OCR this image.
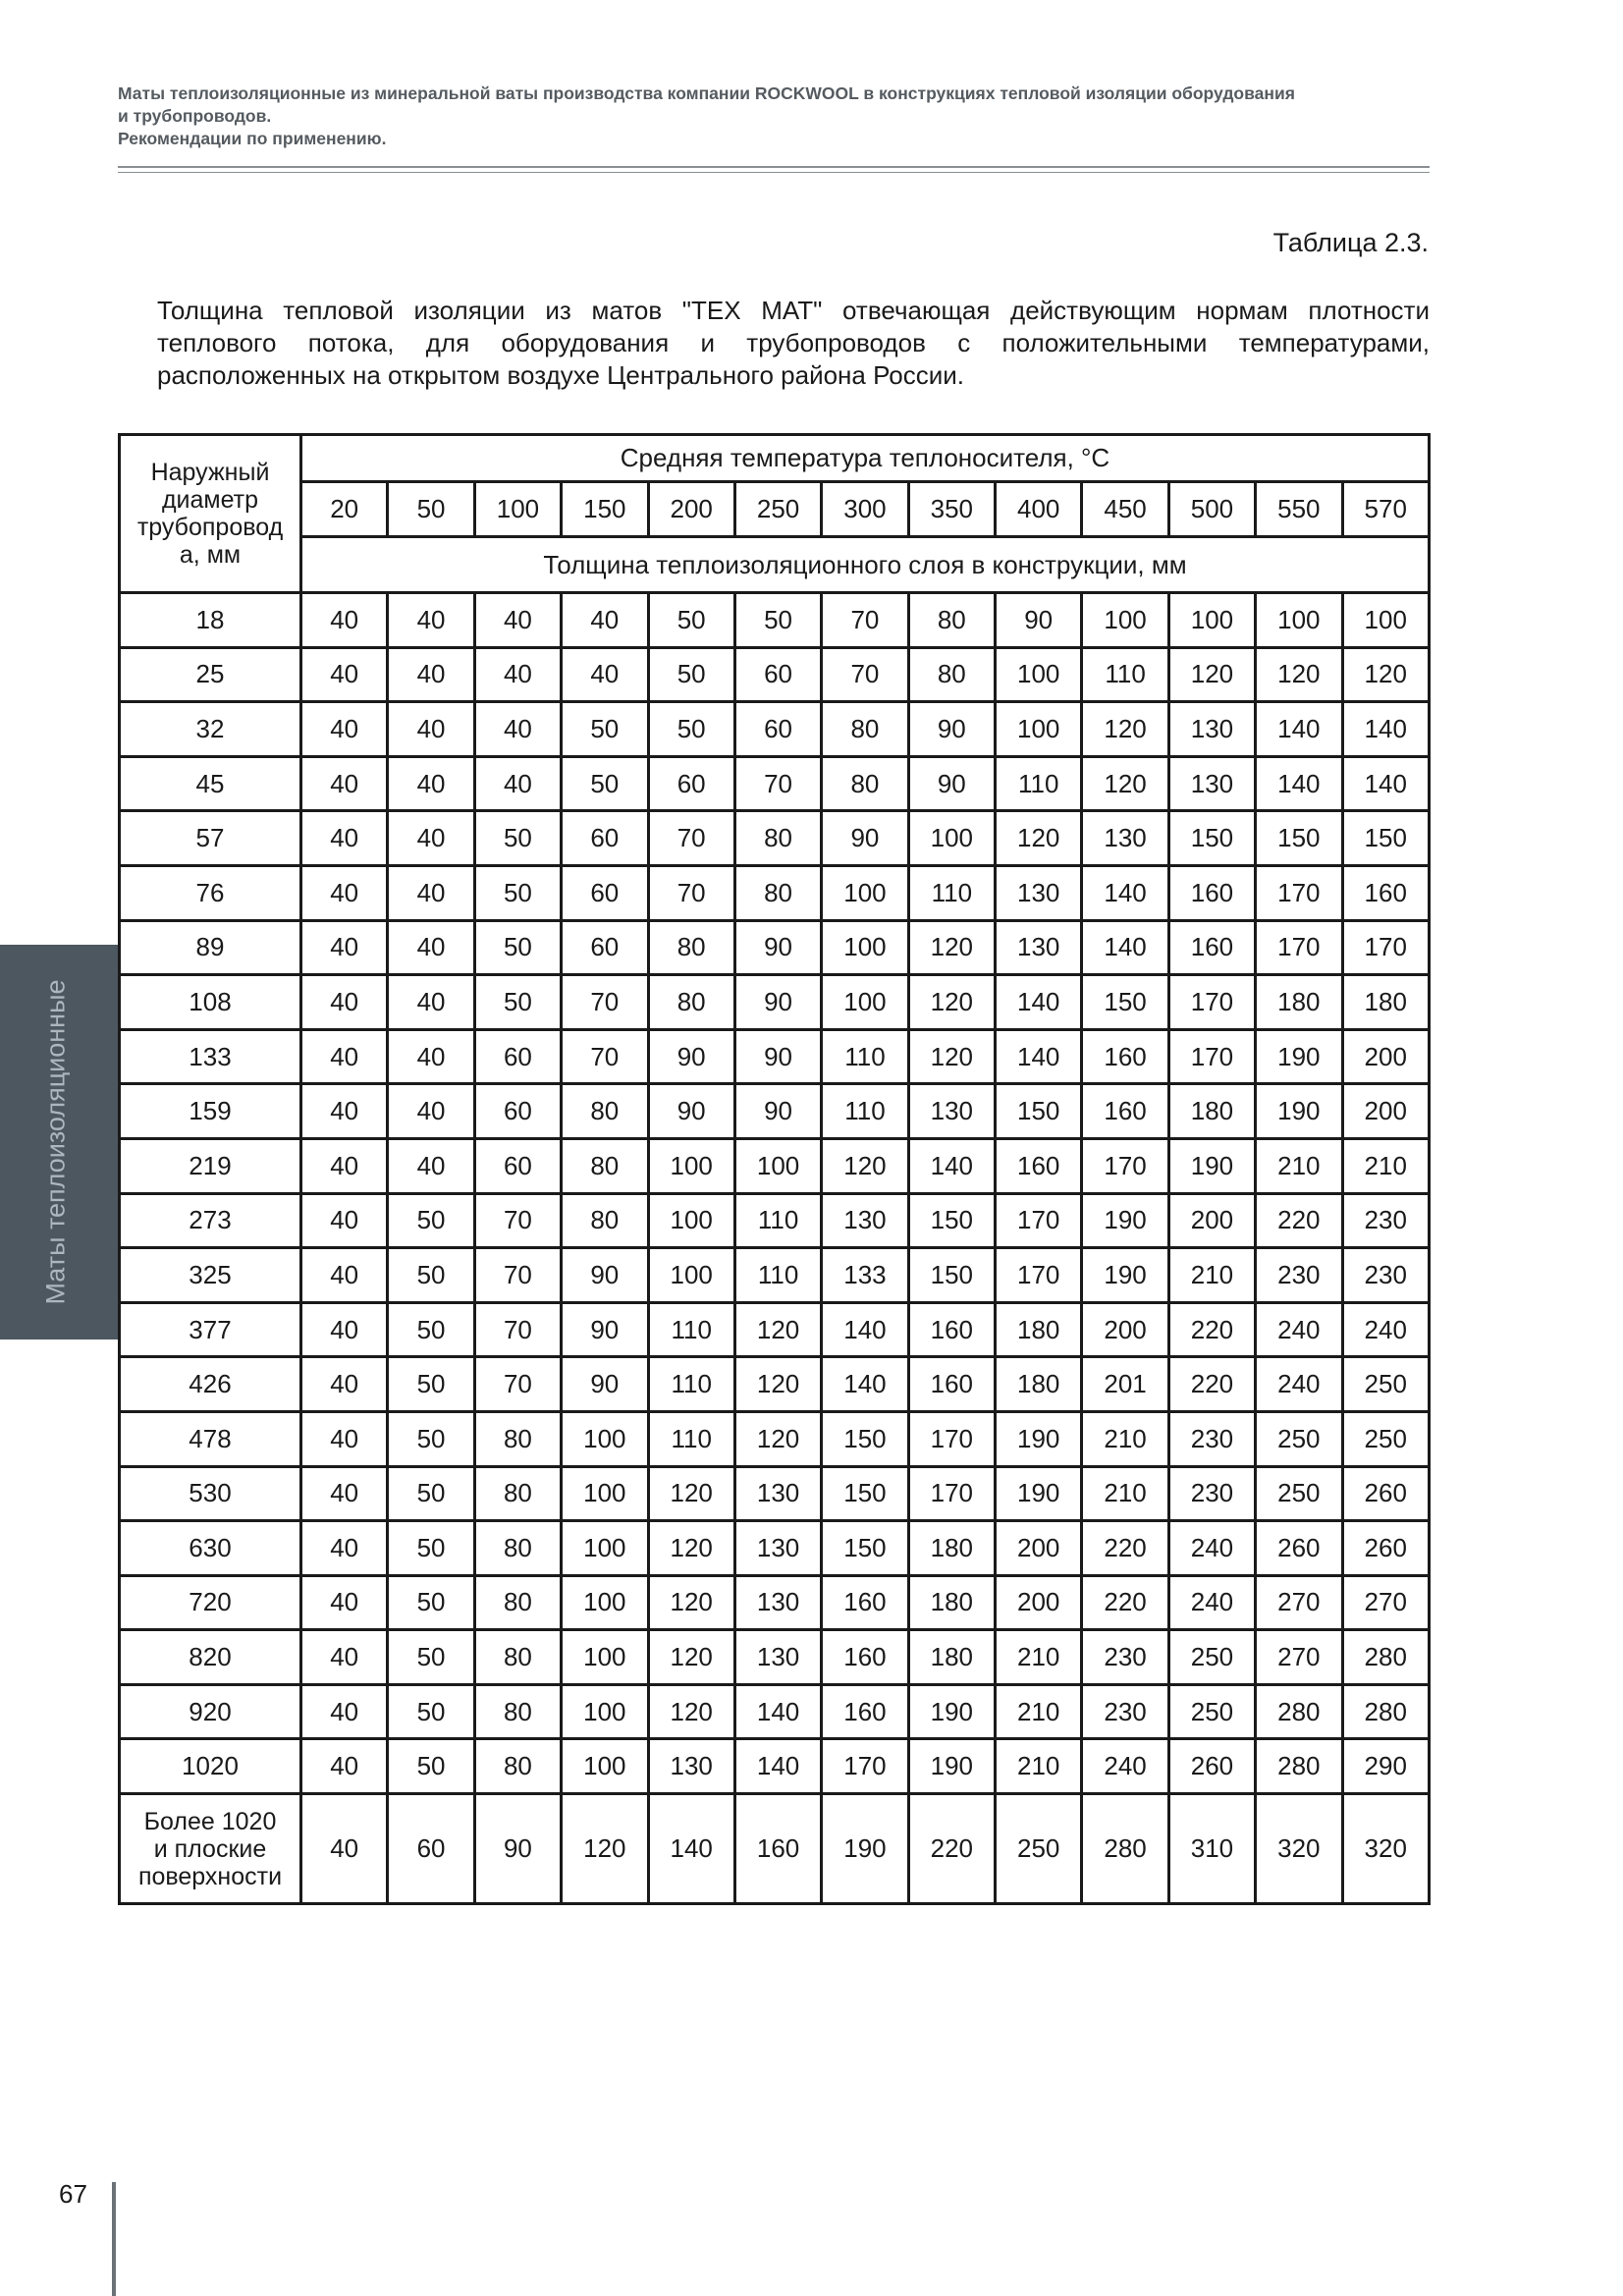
Маты теплоизоляционные из минеральной ваты производства компании ROCKWOOL в конструкциях тепловой изоляции оборудования
и трубопроводов.
Рекомендации по применению.
Таблица 2.3.
Толщина тепловой изоляции из матов "TEX MAT" отвечающая действующим нормам плотности
теплового потока, для оборудования и трубопроводов с положительными температурами,
расположенных на открытом воздухе Центрального района России.
Наружный
диаметр
трубопровод
а, мм	Средняя температура теплоносителя, °С												
	20	50	100	150	200	250	300	350	400	450	500	550	570
	Толщина теплоизоляционного слоя в конструкции, мм												
18	40	40	40	40	50	50	70	80	90	100	100	100	100
25	40	40	40	40	50	60	70	80	100	110	120	120	120
32	40	40	40	50	50	60	80	90	100	120	130	140	140
45	40	40	40	50	60	70	80	90	110	120	130	140	140
57	40	40	50	60	70	80	90	100	120	130	150	150	150
76	40	40	50	60	70	80	100	110	130	140	160	170	160
89	40	40	50	60	80	90	100	120	130	140	160	170	170
108	40	40	50	70	80	90	100	120	140	150	170	180	180
133	40	40	60	70	90	90	110	120	140	160	170	190	200
159	40	40	60	80	90	90	110	130	150	160	180	190	200
219	40	40	60	80	100	100	120	140	160	170	190	210	210
273	40	50	70	80	100	110	130	150	170	190	200	220	230
325	40	50	70	90	100	110	133	150	170	190	210	230	230
377	40	50	70	90	110	120	140	160	180	200	220	240	240
426	40	50	70	90	110	120	140	160	180	201	220	240	250
478	40	50	80	100	110	120	150	170	190	210	230	250	250
530	40	50	80	100	120	130	150	170	190	210	230	250	260
630	40	50	80	100	120	130	150	180	200	220	240	260	260
720	40	50	80	100	120	130	160	180	200	220	240	270	270
820	40	50	80	100	120	130	160	180	210	230	250	270	280
920	40	50	80	100	120	140	160	190	210	230	250	280	280
1020	40	50	80	100	130	140	170	190	210	240	260	280	290

Более 1020
и плоские
поверхности	40	60	90	120	140	160	190	220	250	280	310	320	320
Маты теплоизоляционные
67
